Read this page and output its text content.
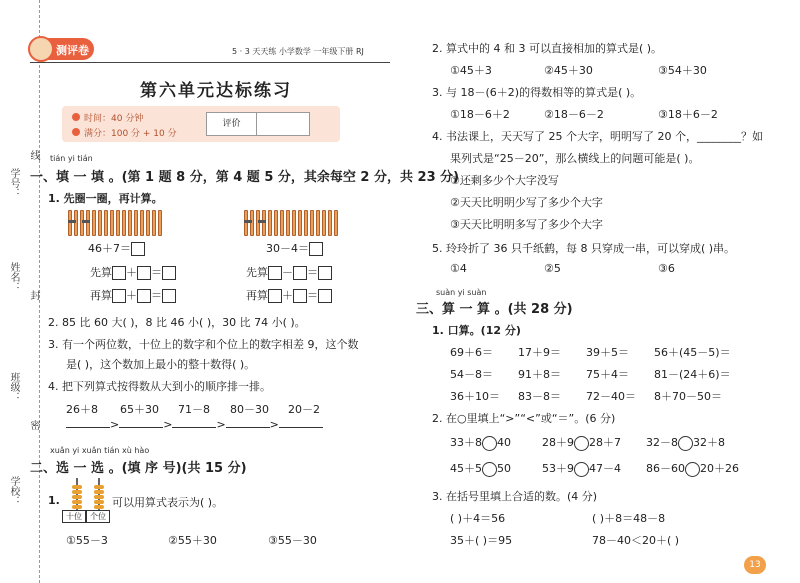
学号：
姓名：
班级：
学校：
线
封
密
测评卷	5 · 3 天天练 小学数学 一年级下册 RJ
第六单元达标练习
时间：40 分钟
满分：100 分 + 10 分
评价
tián yi tián
一、填 一 填 。(第 1 题 8 分，第 4 题 5 分，其余每空 2 分，共 23 分)
1. 先圈一圈，再计算。
46＋7＝	30－4＝
先算 ＋ ＝
再算 ＋ ＝
先算 － ＝
再算 ＋ ＝
2. 85 比 60 大( )，8 比 46 小( )，30 比 74 小( )。
3. 有一个两位数，十位上的数字和个位上的数字相差 9，这个数
是( )，这个数加上最小的整十数得( )。
4. 把下列算式按得数从大到小的顺序排一排。
26＋8 65＋30 71－8 80－30 20－2
>	>	>	>
xuǎn yi xuǎn tián xù hào
二、选 一 选 。(填 序 号)(共 15 分)
1.
十位	个位
可以用算式表示为( )。
①55－3	②55＋30	③55－30
2. 算式中的 4 和 3 可以直接相加的算式是( )。
①45＋3	②45＋30	③54＋30
3. 与 18－(6＋2)的得数相等的算式是( )。
①18－6＋2	②18－6－2	③18＋6－2
4. 书法课上，天天写了 25 个大字，明明写了 20 个，________？如
果列式是“25－20”，那么横线上的问题可能是( )。
①还剩多少个大字没写
②天天比明明少写了多少个大字
③天天比明明多写了多少个大字
5. 玲玲折了 36 只千纸鹤，每 8 只穿成一串，可以穿成( )串。
①4	②5	③6
suàn yi suàn
三、算 一 算 。(共 28 分)
1. 口算。(12 分)
69＋6＝ 17＋9＝ 39＋5＝ 56＋(45－5)＝
54－8＝ 91＋8＝ 75＋4＝ 81－(24＋6)＝
36＋10＝ 83－8＝ 72－40＝ 8＋70－50＝
2. 在○里填上“>”“<”或“＝”。(6 分)
33＋8 40	28＋9 28＋7 32－8 32＋8
45＋5 50	53＋9 47－4 86－60 20＋26
3. 在括号里填上合适的数。(4 分)
( )＋4＝56	( )＋8＝48－8
35＋( )＝95	78－40＜20＋( )
13
